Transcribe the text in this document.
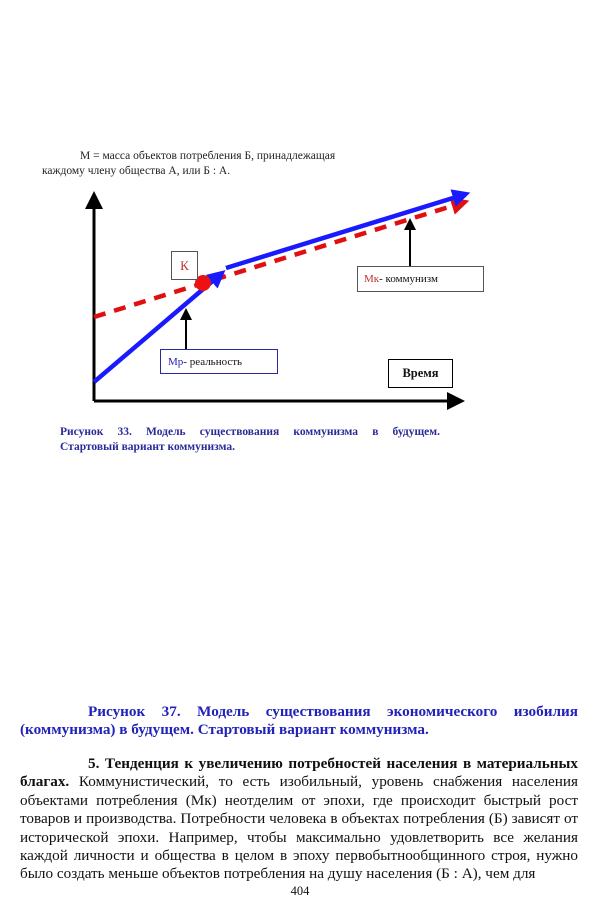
M = масса объектов потребления Б, принадлежащая
каждому члену общества А, или Б : А.
К
Мк - коммунизм
Мр - реальность
Время
Рисунок 33. Модель существования коммунизма в будущем.
Стартовый вариант коммунизма.
Рисунок 37. Модель существования экономического изобилия
(коммунизма) в будущем. Стартовый вариант коммунизма.
5. Тенденция к увеличению потребностей населения в материальных благах. Коммунистический, то есть изобильный, уровень снабжения населения объектами потребления (Мк) неотделим от эпохи, где происходит быстрый рост товаров и производства. Потребности человека в объектах потребления (Б) зависят от исторической эпохи. Например, чтобы максимально удовлетворить все желания каждой личности и общества в целом в эпоху первобытнообщинного строя, нужно было создать меньше объектов потребления на душу населения (Б : А), чем для
404
